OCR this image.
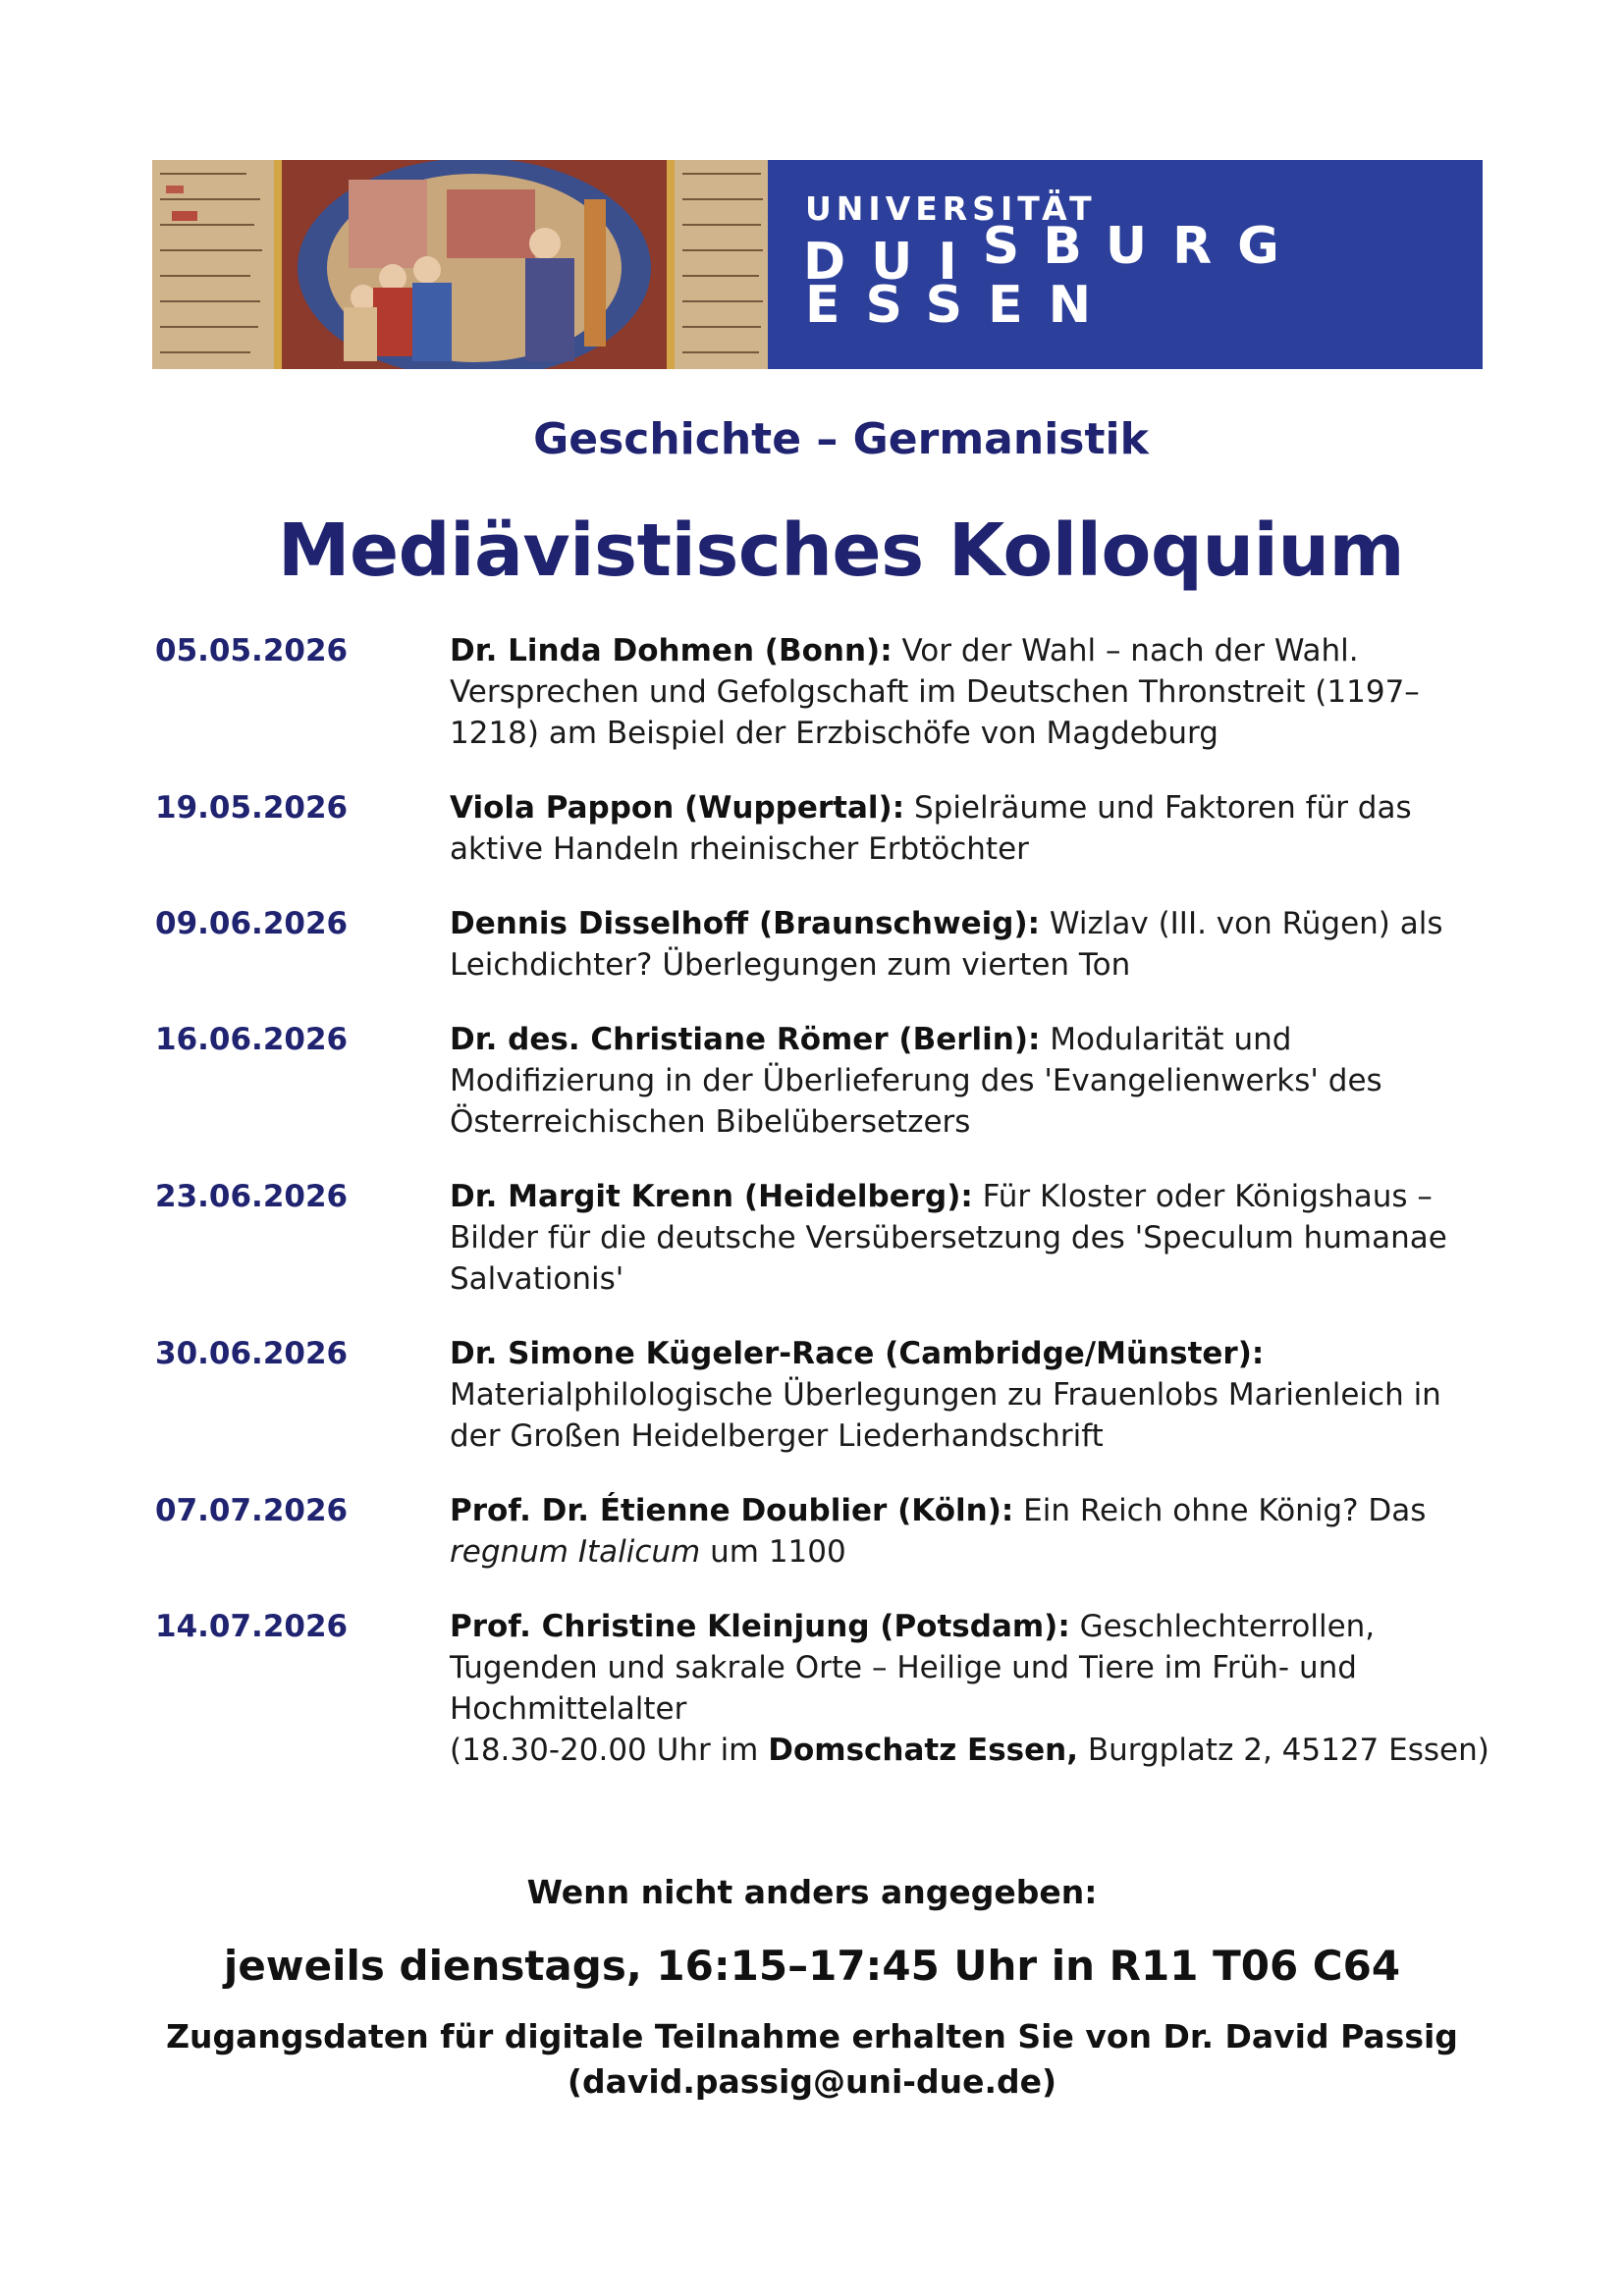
UNIVERSITÄT
D U I S B U R G
ESSEN
Geschichte – Germanistik
Mediävistisches Kolloquium
05.05.2026	Dr. Linda Dohmen (Bonn): Vor der Wahl – nach der Wahl. Versprechen und Gefolgschaft im Deutschen Thronstreit (1197–1218) am Beispiel der Erzbischöfe von Magdeburg
19.05.2026	Viola Pappon (Wuppertal): Spielräume und Faktoren für das aktive Handeln rheinischer Erbtöchter
09.06.2026	Dennis Disselhoff (Braunschweig): Wizlav (III. von Rügen) als Leichdichter? Überlegungen zum vierten Ton
16.06.2026	Dr. des. Christiane Römer (Berlin): Modularität und Modifizierung in der Überlieferung des 'Evangelienwerks' des Österreichischen Bibelübersetzers
23.06.2026	Dr. Margit Krenn (Heidelberg): Für Kloster oder Königshaus – Bilder für die deutsche Versübersetzung des 'Speculum humanae Salvationis'
30.06.2026	Dr. Simone Kügeler-Race (Cambridge/Münster): Materialphilologische Überlegungen zu Frauenlobs Marienleich in der Großen Heidelberger Liederhandschrift
07.07.2026	Prof. Dr. Étienne Doublier (Köln): Ein Reich ohne König? Das regnum Italicum um 1100
14.07.2026	Prof. Christine Kleinjung (Potsdam): Geschlechterrollen, Tugenden und sakrale Orte – Heilige und Tiere im Früh- und Hochmittelalter
(18.30-20.00 Uhr im Domschatz Essen, Burgplatz 2, 45127 Essen)
Wenn nicht anders angegeben:
jeweils dienstags, 16:15–17:45 Uhr in R11 T06 C64
Zugangsdaten für digitale Teilnahme erhalten Sie von Dr. David Passig
(david.passig@uni-due.de)
